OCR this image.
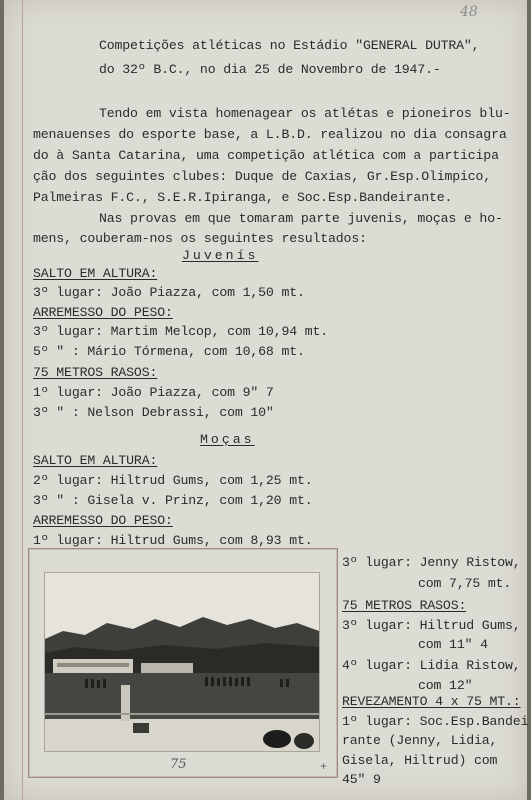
48
Competições atléticas no Estádio "GENERAL DUTRA",
do 32º B.C., no dia 25 de Novembro de 1947.-
Tendo em vista homenagear os atlétas e pioneiros blu-
menauenses do esporte base, a L.B.D. realizou no dia consagra
do à Santa Catarina, uma competição atlética com a participa
ção dos seguintes clubes: Duque de Caxias, Gr.Esp.Olimpico,
Palmeiras F.C., S.E.R.Ipiranga, e Soc.Esp.Bandeirante.
Nas provas em que tomaram parte juvenis, moças e ho-
mens, couberam-nos os seguintes resultados:
Juvenís
SALTO EM ALTURA:
3º lugar: João Piazza, com 1,50 mt.
ARREMESSO DO PESO:
3º lugar: Martim Melcop, com 10,94 mt.
5º " : Mário Tórmena, com 10,68 mt.
75 METROS RASOS:
1º lugar: João Piazza, com 9" 7
3º " : Nelson Debrassi, com 10"
Moças
SALTO EM ALTURA:
2º lugar: Hiltrud Gums, com 1,25 mt.
3º " : Gisela v. Prinz, com 1,20 mt.
ARREMESSO DO PESO:
1º lugar: Hiltrud Gums, com 8,93 mt.
3º lugar: Jenny Ristow,
com 7,75 mt.
75 METROS RASOS:
3º lugar: Hiltrud Gums,
com 11" 4
4º lugar: Lidia Ristow,
com 12"
REVEZAMENTO 4 x 75 MT.:
1º lugar: Soc.Esp.Bandei
rante (Jenny, Lidia,
Gisela, Hiltrud) com
45" 9
75	+
